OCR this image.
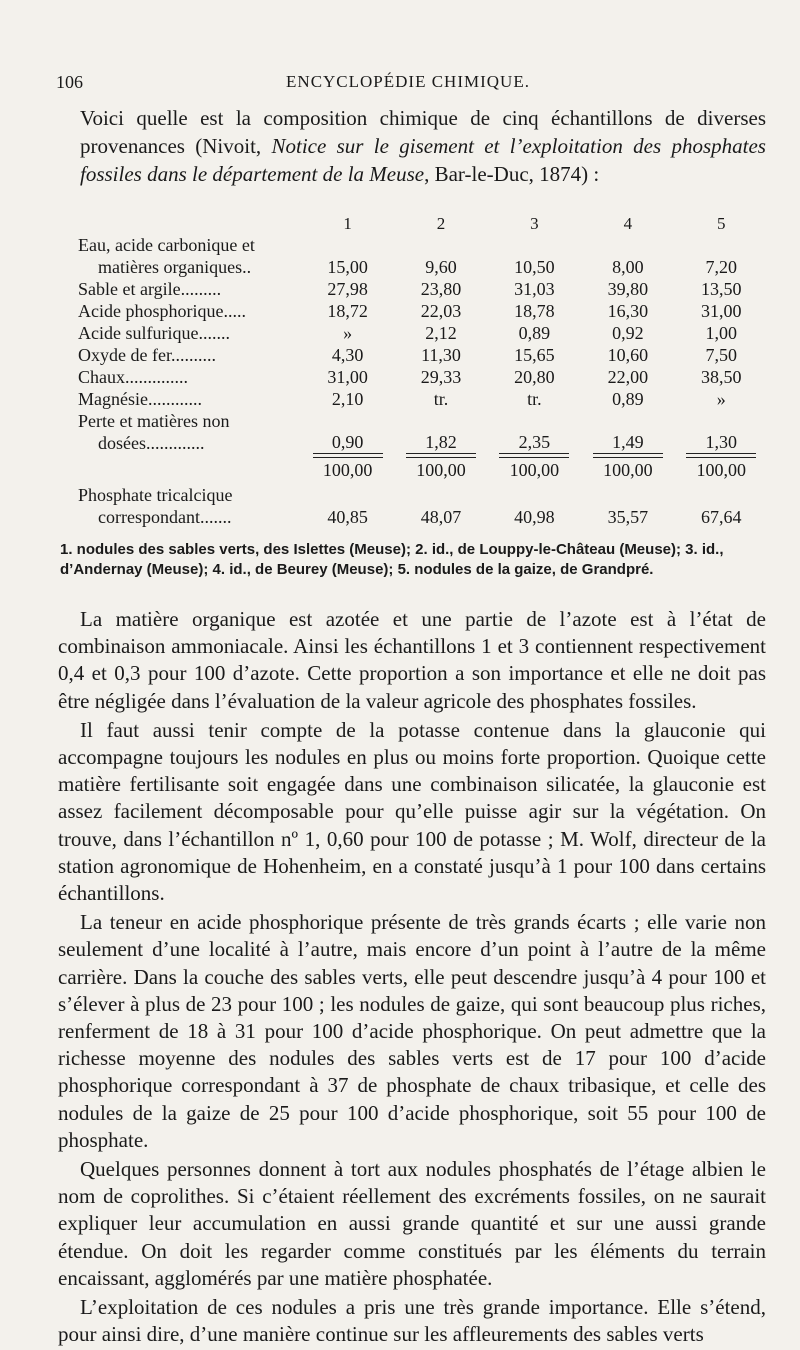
106	ENCYCLOPÉDIE CHIMIQUE.

Voici quelle est la composition chimique de cinq échantillons de diverses provenances (Nivoit, Notice sur le gisement et l’exploitation des phosphates fossiles dans le département de la Meuse, Bar-le-Duc, 1874) :

	1	2	3	4	5
Eau, acide carbonique et					
matières organiques..	15,00	9,60	10,50	8,00	7,20
Sable et argile.........	27,98	23,80	31,03	39,80	13,50
Acide phosphorique.....	18,72	22,03	18,78	16,30	31,00
Acide sulfurique.......	»	2,12	0,89	0,92	1,00
Oxyde de fer..........	4,30	11,30	15,65	10,60	7,50
Chaux..............	31,00	29,33	20,80	22,00	38,50
Magnésie............	2,10	tr.	tr.	0,89	»
Perte et matières non					
dosées.............	0,90	1,82	2,35	1,49	1,30
	100,00	100,00	100,00	100,00	100,00
Phosphate tricalcique					
correspondant.......	40,85	48,07	40,98	35,57	67,64

1. nodules des sables verts, des Islettes (Meuse); 2. id., de Louppy-le-Château (Meuse); 3. id., d’Andernay (Meuse); 4. id., de Beurey (Meuse); 5. nodules de la gaize, de Grandpré.

La matière organique est azotée et une partie de l’azote est à l’état de combinaison ammoniacale. Ainsi les échantillons 1 et 3 contiennent respectivement 0,4 et 0,3 pour 100 d’azote. Cette proportion a son importance et elle ne doit pas être négligée dans l’évaluation de la valeur agricole des phosphates fossiles.

Il faut aussi tenir compte de la potasse contenue dans la glauconie qui accompagne toujours les nodules en plus ou moins forte proportion. Quoique cette matière fertilisante soit engagée dans une combinaison silicatée, la glauconie est assez facilement décomposable pour qu’elle puisse agir sur la végétation. On trouve, dans l’échantillon nº 1, 0,60 pour 100 de potasse ; M. Wolf, directeur de la station agronomique de Hohenheim, en a constaté jusqu’à 1 pour 100 dans certains échantillons.

La teneur en acide phosphorique présente de très grands écarts ; elle varie non seulement d’une localité à l’autre, mais encore d’un point à l’autre de la même carrière. Dans la couche des sables verts, elle peut descendre jusqu’à 4 pour 100 et s’élever à plus de 23 pour 100 ; les nodules de gaize, qui sont beaucoup plus riches, renferment de 18 à 31 pour 100 d’acide phosphorique. On peut admettre que la richesse moyenne des nodules des sables verts est de 17 pour 100 d’acide phosphorique correspondant à 37 de phosphate de chaux tribasique, et celle des nodules de la gaize de 25 pour 100 d’acide phosphorique, soit 55 pour 100 de phosphate.

Quelques personnes donnent à tort aux nodules phosphatés de l’étage albien le nom de coprolithes. Si c’étaient réellement des excréments fossiles, on ne saurait expliquer leur accumulation en aussi grande quantité et sur une aussi grande étendue. On doit les regarder comme constitués par les éléments du terrain encaissant, agglomérés par une matière phosphatée.

L’exploitation de ces nodules a pris une très grande importance. Elle s’étend, pour ainsi dire, d’une manière continue sur les affleurements des sables verts
